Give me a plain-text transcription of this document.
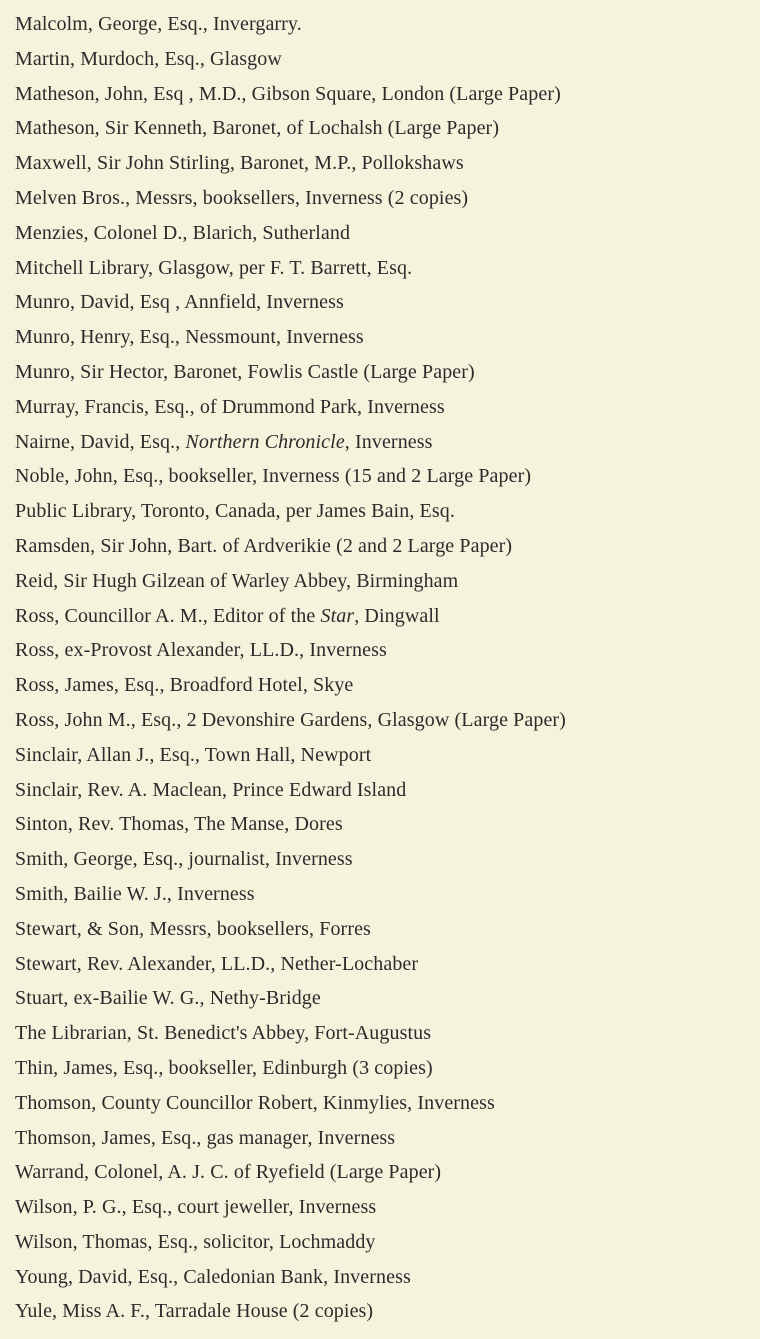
Malcolm, George, Esq., Invergarry.
Martin, Murdoch, Esq., Glasgow
Matheson, John, Esq , M.D., Gibson Square, London (Large Paper)
Matheson, Sir Kenneth, Baronet, of Lochalsh (Large Paper)
Maxwell, Sir John Stirling, Baronet, M.P., Pollokshaws
Melven Bros., Messrs, booksellers, Inverness (2 copies)
Menzies, Colonel D., Blarich, Sutherland
Mitchell Library, Glasgow, per F. T. Barrett, Esq.
Munro, David, Esq , Annfield, Inverness
Munro, Henry, Esq., Nessmount, Inverness
Munro, Sir Hector, Baronet, Fowlis Castle (Large Paper)
Murray, Francis, Esq., of Drummond Park, Inverness
Nairne, David, Esq., Northern Chronicle, Inverness
Noble, John, Esq., bookseller, Inverness (15 and 2 Large Paper)
Public Library, Toronto, Canada, per James Bain, Esq.
Ramsden, Sir John, Bart. of Ardverikie (2 and 2 Large Paper)
Reid, Sir Hugh Gilzean of Warley Abbey, Birmingham
Ross, Councillor A. M., Editor of the Star, Dingwall
Ross, ex-Provost Alexander, LL.D., Inverness
Ross, James, Esq., Broadford Hotel, Skye
Ross, John M., Esq., 2 Devonshire Gardens, Glasgow (Large Paper)
Sinclair, Allan J., Esq., Town Hall, Newport
Sinclair, Rev. A. Maclean, Prince Edward Island
Sinton, Rev. Thomas, The Manse, Dores
Smith, George, Esq., journalist, Inverness
Smith, Bailie W. J., Inverness
Stewart, & Son, Messrs, booksellers, Forres
Stewart, Rev. Alexander, LL.D., Nether-Lochaber
Stuart, ex-Bailie W. G., Nethy-Bridge
The Librarian, St. Benedict's Abbey, Fort-Augustus
Thin, James, Esq., bookseller, Edinburgh (3 copies)
Thomson, County Councillor Robert, Kinmylies, Inverness
Thomson, James, Esq., gas manager, Inverness
Warrand, Colonel, A. J. C. of Ryefield (Large Paper)
Wilson, P. G., Esq., court jeweller, Inverness
Wilson, Thomas, Esq., solicitor, Lochmaddy
Young, David, Esq., Caledonian Bank, Inverness
Yule, Miss A. F., Tarradale House (2 copies)
